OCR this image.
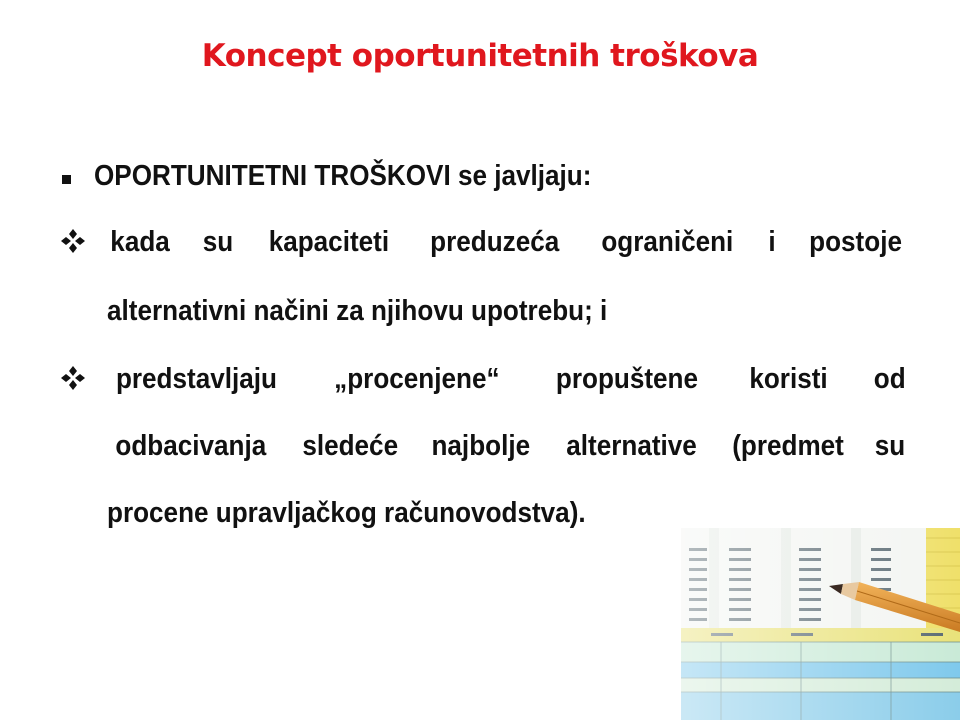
Koncept oportunitetnih troškova
OPORTUNITETNI TROŠKOVI se javljaju:
kada su kapaciteti preduzeća ograničeni i postoje
alternativni načini za njihovu upotrebu; i
predstavljaju „procenjene“ propuštene koristi od
odbacivanja sledeće najbolje alternative (predmet su
procene upravljačkog računovodstva).
